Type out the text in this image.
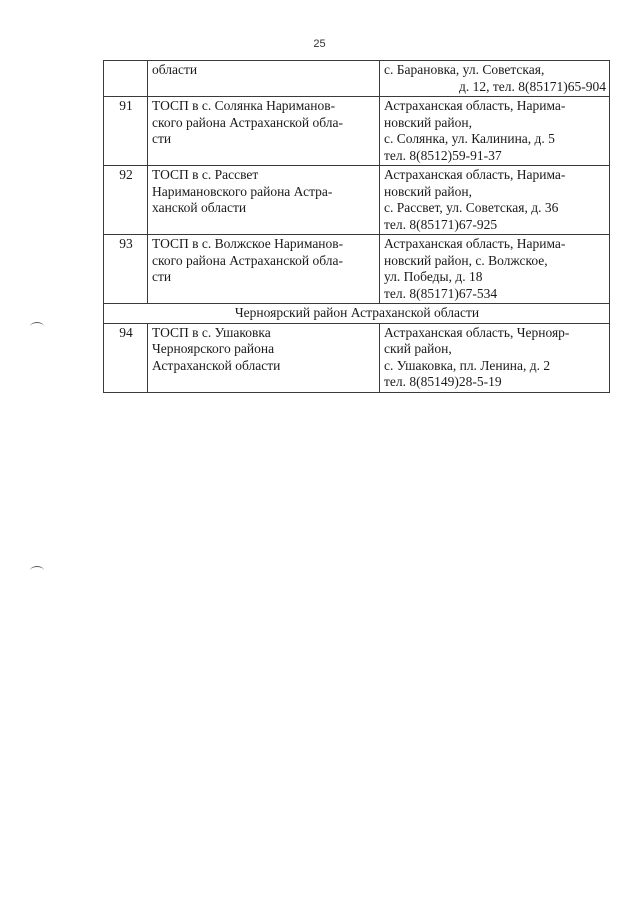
25

	области	с. Барановка, ул. Советская,
д. 12, тел. 8(85171)65-904

91	ТОСП в с. Солянка Нариманов-
ского района Астраханской обла-
сти	Астраханская область, Нарима-
новский район,
с. Солянка, ул. Калинина, д. 5
тел. 8(8512)59-91-37

92	ТОСП в с. Рассвет
Наримановского района Астра-
ханской области	Астраханская область, Нарима-
новский район,
с. Рассвет, ул. Советская, д. 36
тел. 8(85171)67-925

93	ТОСП в с. Волжское Нариманов-
ского района Астраханской обла-
сти	Астраханская область, Нарима-
новский район, с. Волжское,
ул. Победы, д. 18
тел. 8(85171)67-534

Черноярский район Астраханской области		
94	ТОСП в с. Ушаковка
Черноярского района
Астраханской области	Астраханская область, Чернояр-
ский район,
с. Ушаковка, пл. Ленина, д. 2
тел. 8(85149)28-5-19
